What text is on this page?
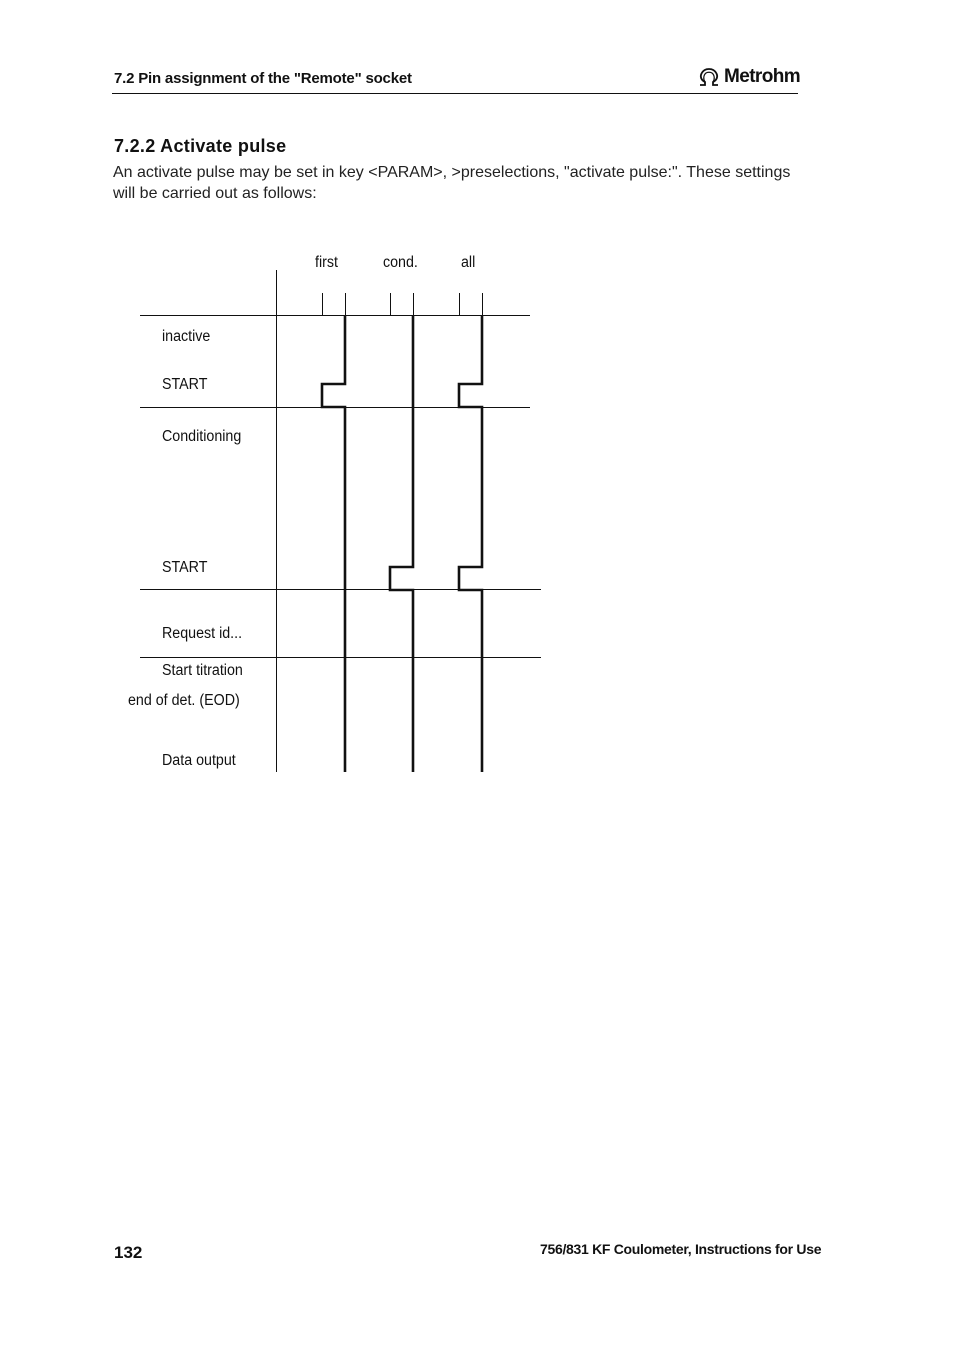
7.2 Pin assignment of the "Remote" socket	Metrohm
7.2.2 Activate pulse
An activate pulse may be set in key <PARAM>, >preselections, "activate pulse:". These settings will be carried out as follows:
first	cond.	all
inactive
START
Conditioning
START
Request id...
Start titration
end of det. (EOD)
Data output
132	756/831 KF Coulometer, Instructions for Use
